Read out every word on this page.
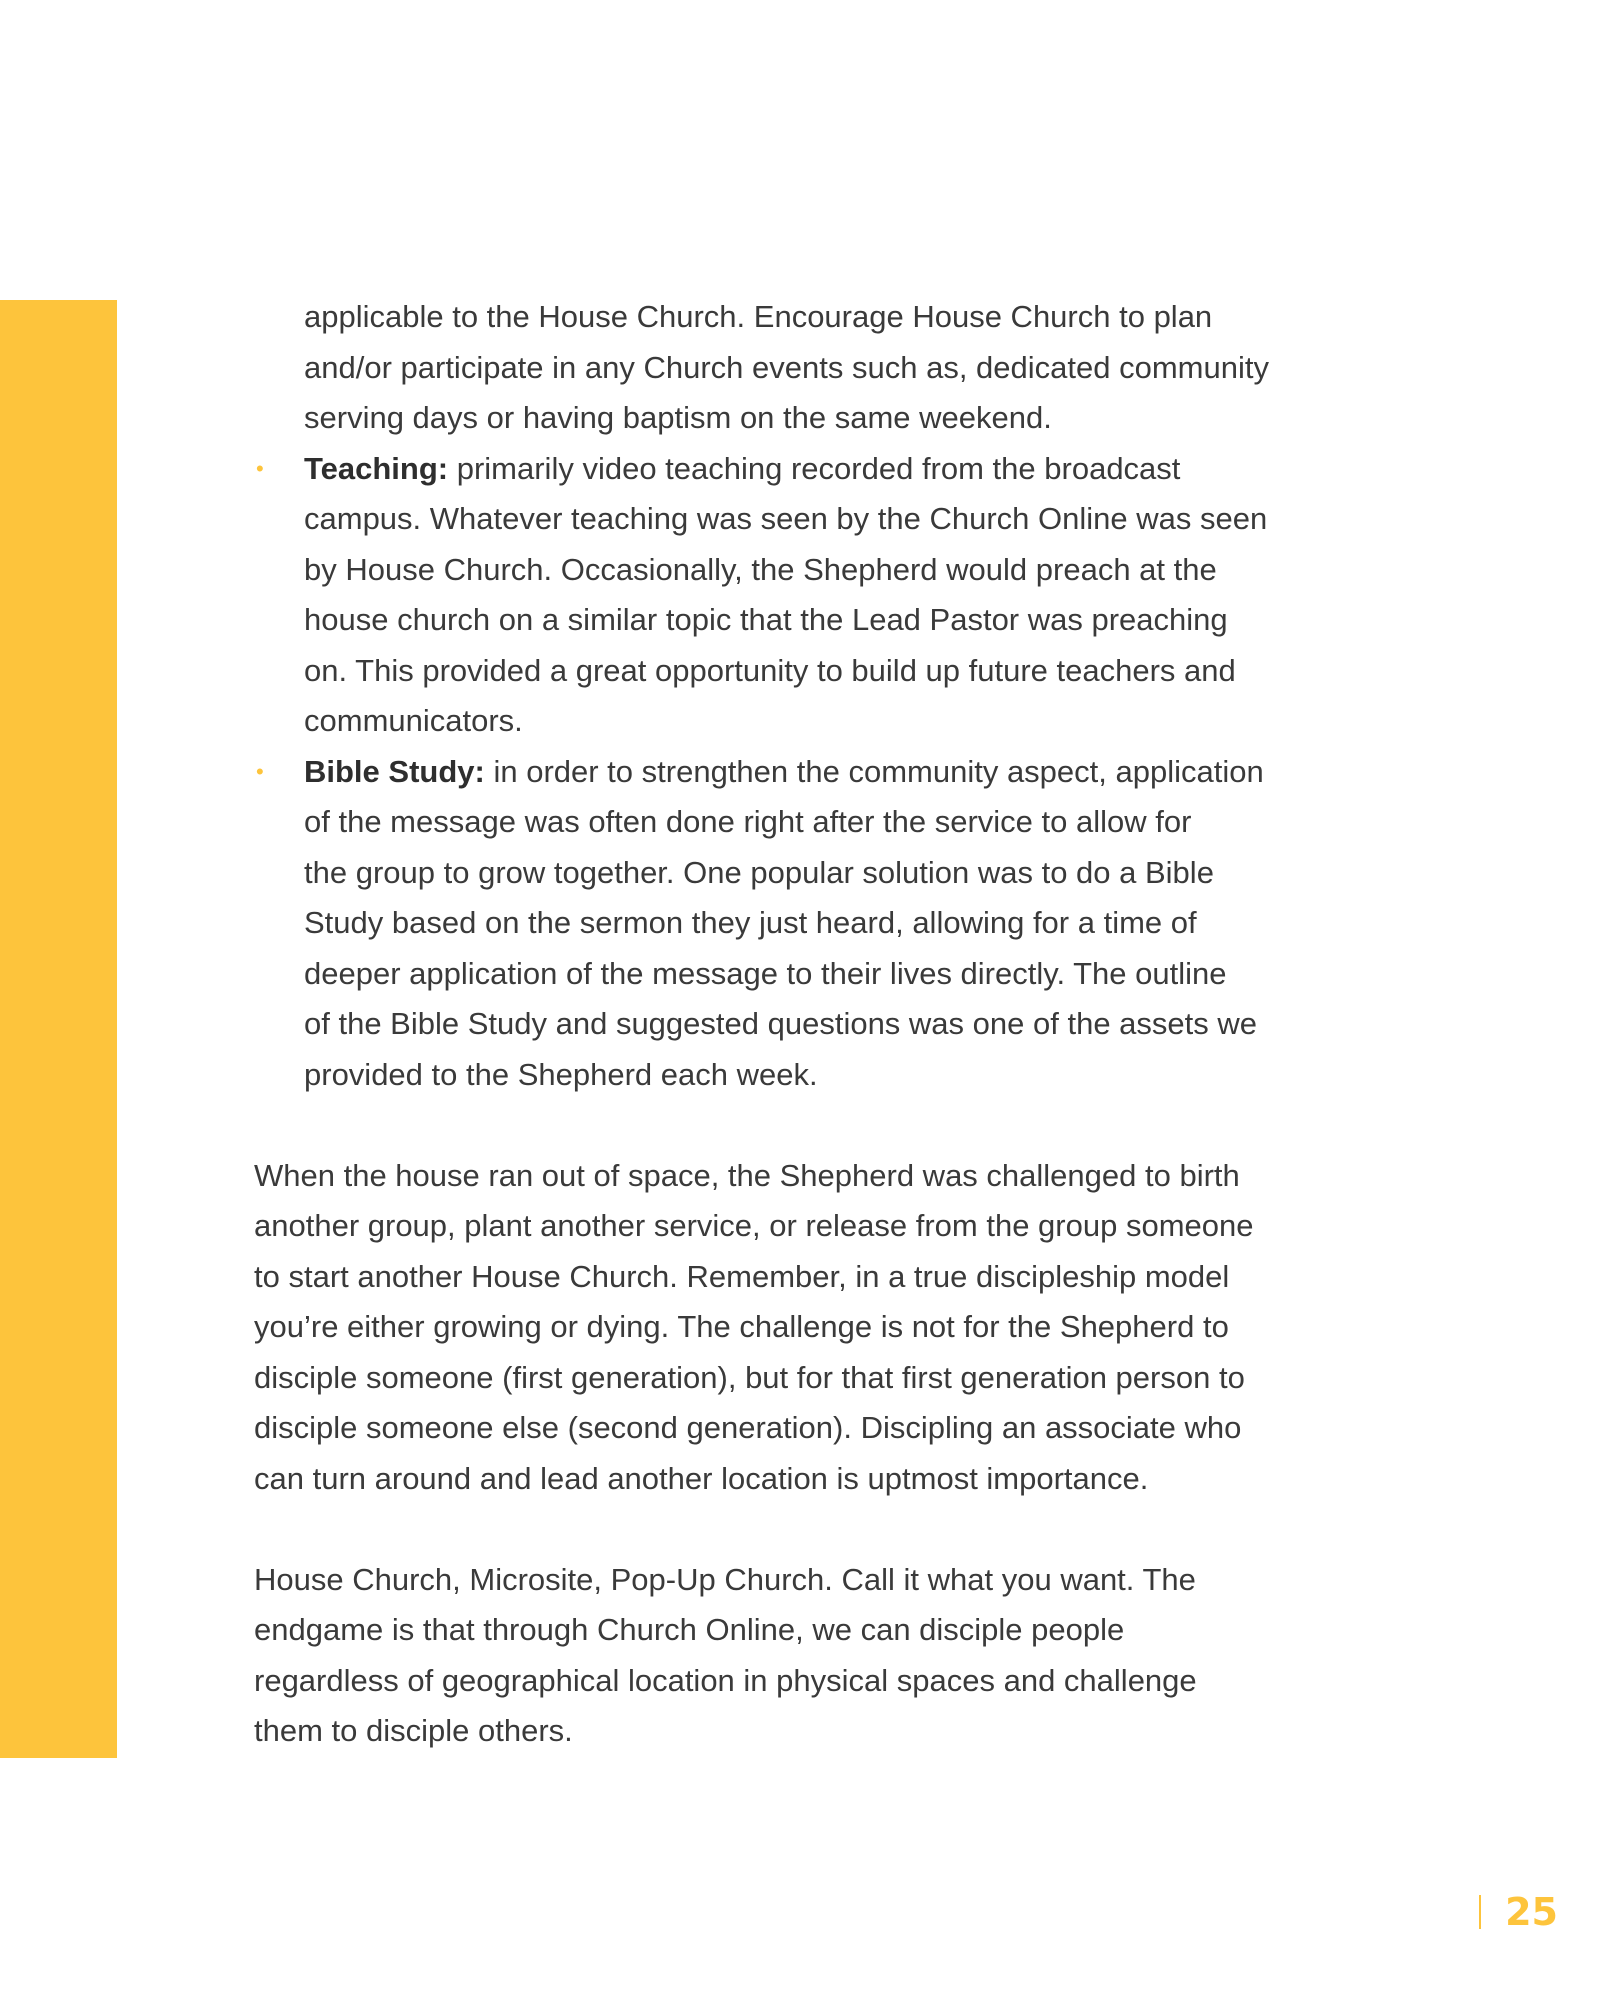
applicable to the House Church. Encourage House Church to plan

and/or participate in any Church events such as, dedicated community

serving days or having baptism on the same weekend.

• Teaching: primarily video teaching recorded from the broadcast

campus. Whatever teaching was seen by the Church Online was seen

by House Church. Occasionally, the Shepherd would preach at the

house church on a similar topic that the Lead Pastor was preaching

on. This provided a great opportunity to build up future teachers and

communicators.

• Bible Study: in order to strengthen the community aspect, application

of the message was often done right after the service to allow for

the group to grow together. One popular solution was to do a Bible

Study based on the sermon they just heard, allowing for a time of

deeper application of the message to their lives directly. The outline

of the Bible Study and suggested questions was one of the assets we

provided to the Shepherd each week.

When the house ran out of space, the Shepherd was challenged to birth

another group, plant another service, or release from the group someone

to start another House Church. Remember, in a true discipleship model

you’re either growing or dying. The challenge is not for the Shepherd to

disciple someone (first generation), but for that first generation person to

disciple someone else (second generation). Discipling an associate who

can turn around and lead another location is uptmost importance.

House Church, Microsite, Pop-Up Church. Call it what you want. The

endgame is that through Church Online, we can disciple people

regardless of geographical location in physical spaces and challenge

them to disciple others.

25
